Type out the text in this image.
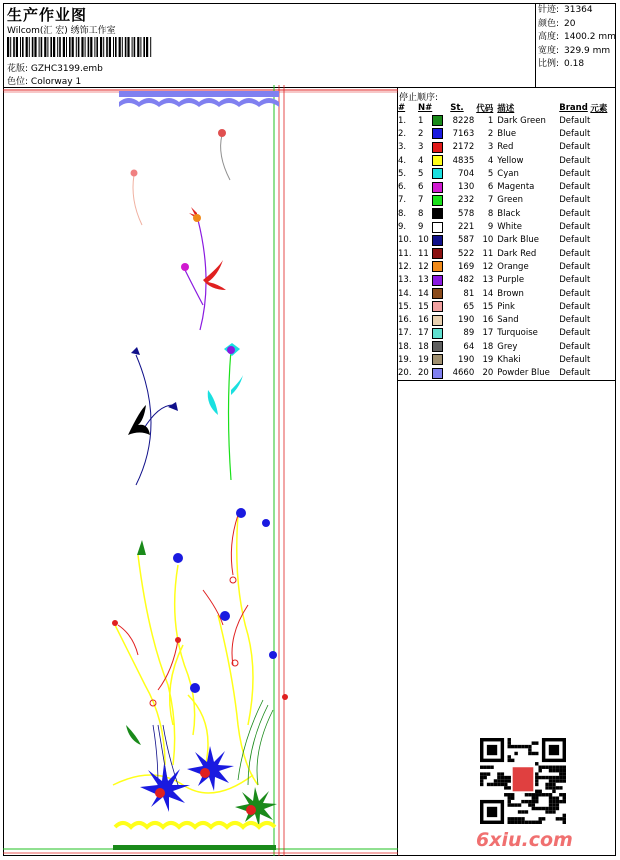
生产作业图
Wilcom(汇 宏) 绣饰工作室
花版: GZHC3199.emb
色位: Colorway 1
针迹: 31364
颜色: 20
高度: 1400.2 mm
宽度: 329.9 mm
比例: 0.18
停止顺序:
#	N#		St.	代码	描述	Brand	元素
1.	1		8228	1	Dark Green	Default	
2.	2		7163	2	Blue	Default	
3.	3		2172	3	Red	Default	
4.	4		4835	4	Yellow	Default	
5.	5		704	5	Cyan	Default	
6.	6		130	6	Magenta	Default	
7.	7		232	7	Green	Default	
8.	8		578	8	Black	Default	
9.	9		221	9	White	Default	
10.	10		587	10	Dark Blue	Default	
11.	11		522	11	Dark Red	Default	
12.	12		169	12	Orange	Default	
13.	13		482	13	Purple	Default	
14.	14		81	14	Brown	Default	
15.	15		65	15	Pink	Default	
16.	16		190	16	Sand	Default	
17.	17		89	17	Turquoise	Default	
18.	18		64	18	Grey	Default	
19.	19		190	19	Khaki	Default	
20.	20		4660	20	Powder Blue	Default	
6xiu.com
